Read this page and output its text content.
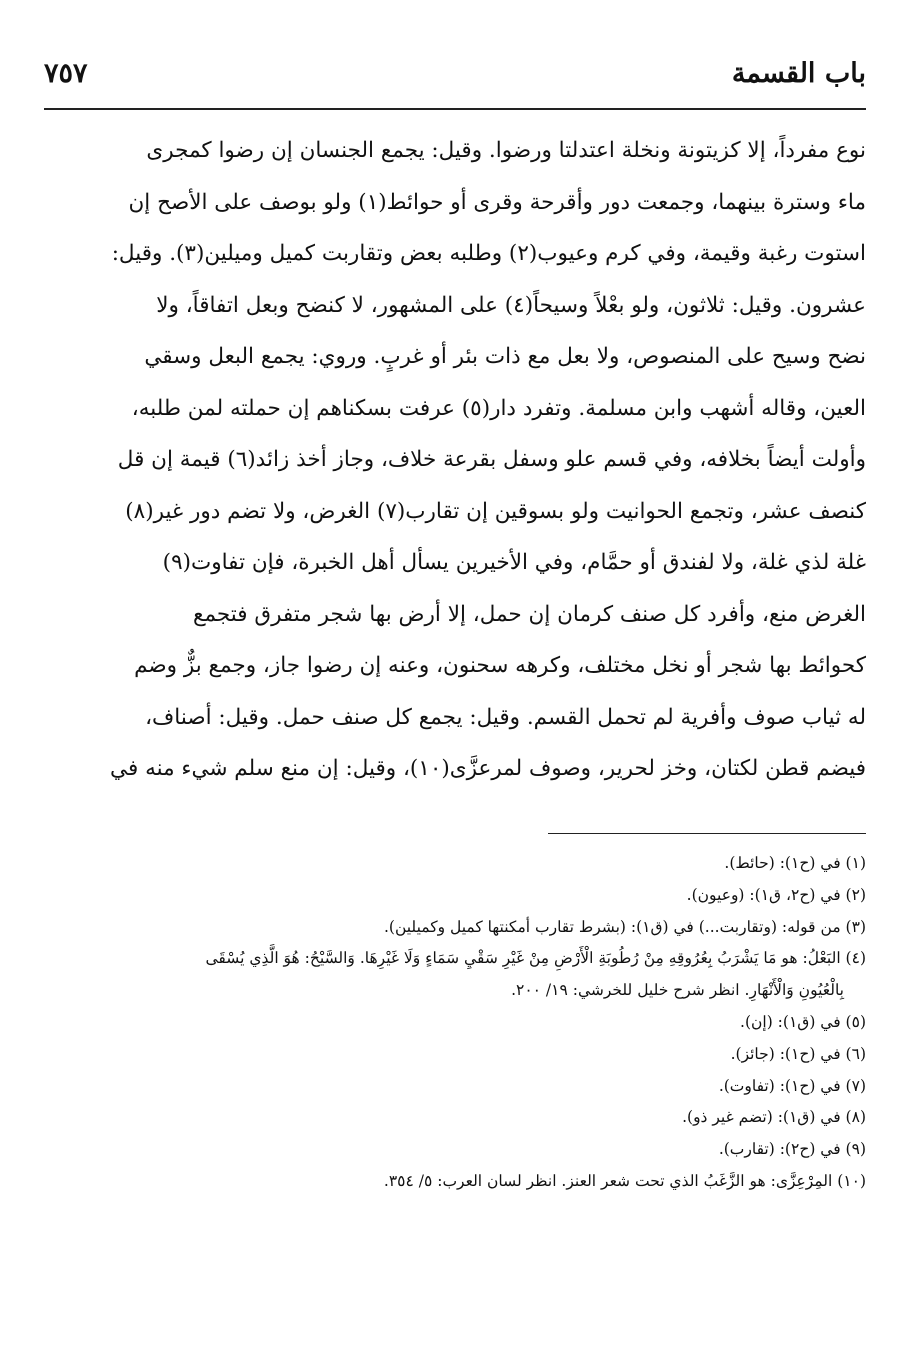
باب القسمة
٧٥٧
نوع مفرداً، إلا كزيتونة ونخلة اعتدلتا ورضوا. وقيل: يجمع الجنسان إن رضوا كمجرى
ماء وسترة بينهما، وجمعت دور وأقرحة وقرى أو حوائط(١) ولو بوصف على الأصح إن
استوت رغبة وقيمة، وفي كرم وعيوب(٢) وطلبه بعض وتقاربت كميل وميلين(٣). وقيل:
عشرون. وقيل: ثلاثون، ولو بعْلاً وسيحاً(٤) على المشهور، لا كنضح وبعل اتفاقاً، ولا
نضح وسيح على المنصوص، ولا بعل مع ذات بئر أو غربٍ. وروي: يجمع البعل وسقي
العين، وقاله أشهب وابن مسلمة. وتفرد دار(٥) عرفت بسكناهم إن حملته لمن طلبه،
وأولت أيضاً بخلافه، وفي قسم علو وسفل بقرعة خلاف، وجاز أخذ زائد(٦) قيمة إن قل
كنصف عشر، وتجمع الحوانيت ولو بسوقين إن تقارب(٧) الغرض، ولا تضم دور غير(٨)
غلة لذي غلة، ولا لفندق أو حمَّام، وفي الأخيرين يسأل أهل الخبرة، فإن تفاوت(٩)
الغرض منع، وأفرد كل صنف كرمان إن حمل، إلا أرض بها شجر متفرق فتجمع
كحوائط بها شجر أو نخل مختلف، وكرهه سحنون، وعنه إن رضوا جاز، وجمع بزٌّ وضم
له ثياب صوف وأفرية لم تحمل القسم. وقيل: يجمع كل صنف حمل. وقيل: أصناف،
فيضم قطن لكتان، وخز لحرير، وصوف لمرعزَّى(١٠)، وقيل: إن منع سلم شيء منه في
(١) في (ح١): (حائط).
(٢) في (ح٢، ق١): (وعيون).
(٣) من قوله: (وتقاربت...) في (ق١): (بشرط تقارب أمكنتها كميل وكميلين).
(٤) البَعْلُ: هو مَا يَشْرَبُ بِعُرُوقِهِ مِنْ رُطُوبَةِ الْأَرْضِ مِنْ غَيْرِ سَقْيِ سَمَاءٍ وَلَا غَيْرِهَا. وَالسَّيْحُ: هُوَ الَّذِي يُسْقَى
بِالْعُيُونِ وَالْأَنْهَارِ. انظر شرح خليل للخرشي: ١٩/ ٢٠٠.
(٥) في (ق١): (إن).
(٦) في (ح١): (جائز).
(٧) في (ح١): (تفاوت).
(٨) في (ق١): (تضم غير ذو).
(٩) في (ح٢): (تقارب).
(١٠) المِرْعِزَّى: هو الزَّغَبُ الذي تحت شعر العنز. انظر لسان العرب: ٥/ ٣٥٤.
